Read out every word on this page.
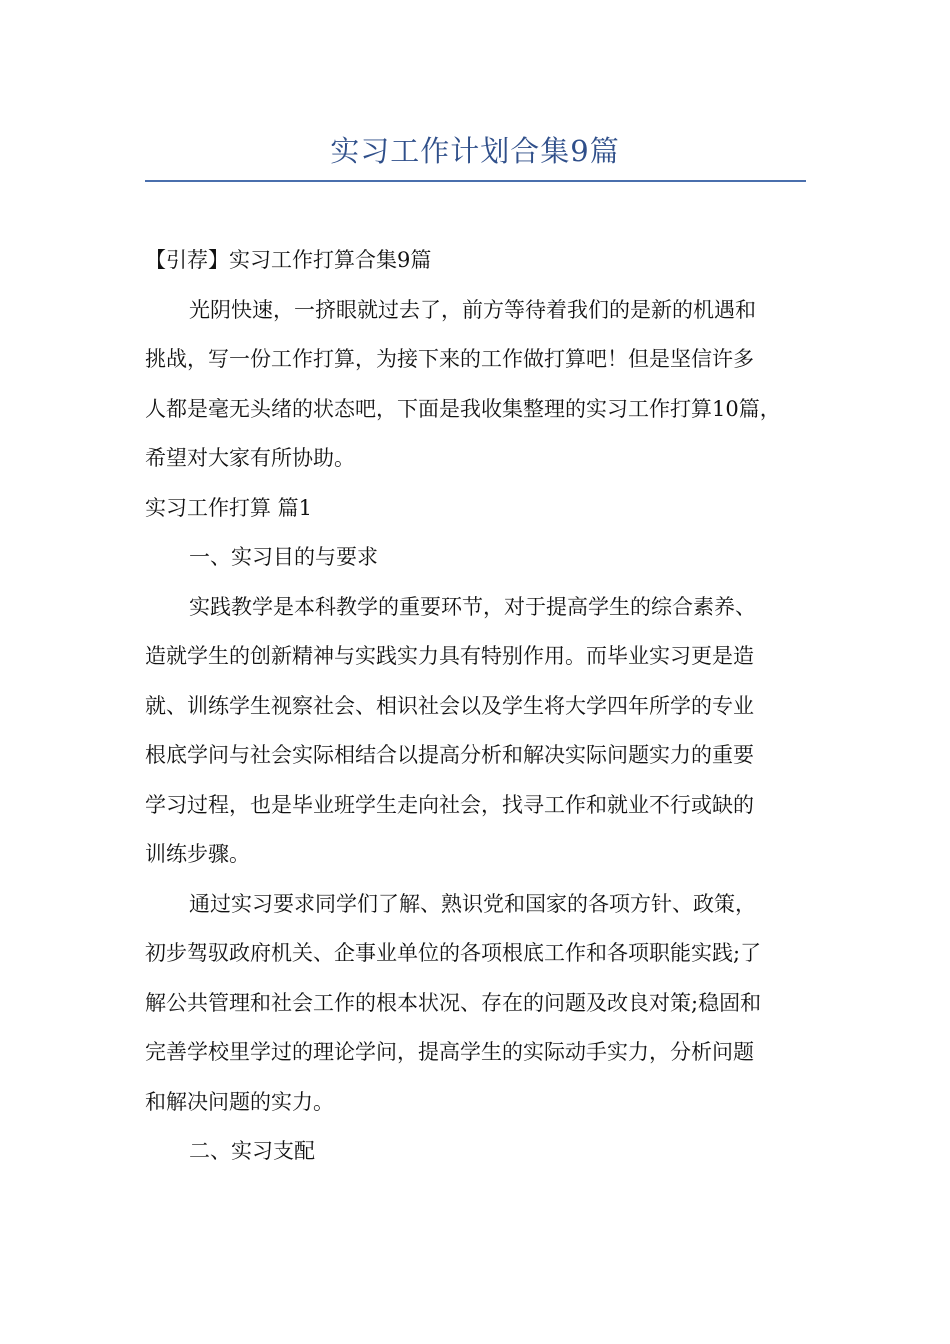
实习工作计划合集9篇
【引荐】实习工作打算合集9篇
光阴快速，一挤眼就过去了，前方等待着我们的是新的机遇和
挑战，写一份工作打算，为接下来的工作做打算吧！但是坚信许多
人都是毫无头绪的状态吧，下面是我收集整理的实习工作打算10篇，
希望对大家有所协助。
实习工作打算 篇1
一、实习目的与要求
实践教学是本科教学的重要环节，对于提高学生的综合素养、
造就学生的创新精神与实践实力具有特别作用。而毕业实习更是造
就、训练学生视察社会、相识社会以及学生将大学四年所学的专业
根底学问与社会实际相结合以提高分析和解决实际问题实力的重要
学习过程，也是毕业班学生走向社会，找寻工作和就业不行或缺的
训练步骤。
通过实习要求同学们了解、熟识党和国家的各项方针、政策，
初步驾驭政府机关、企事业单位的各项根底工作和各项职能实践;了
解公共管理和社会工作的根本状况、存在的问题及改良对策;稳固和
完善学校里学过的理论学问，提高学生的实际动手实力，分析问题
和解决问题的实力。
二、实习支配
